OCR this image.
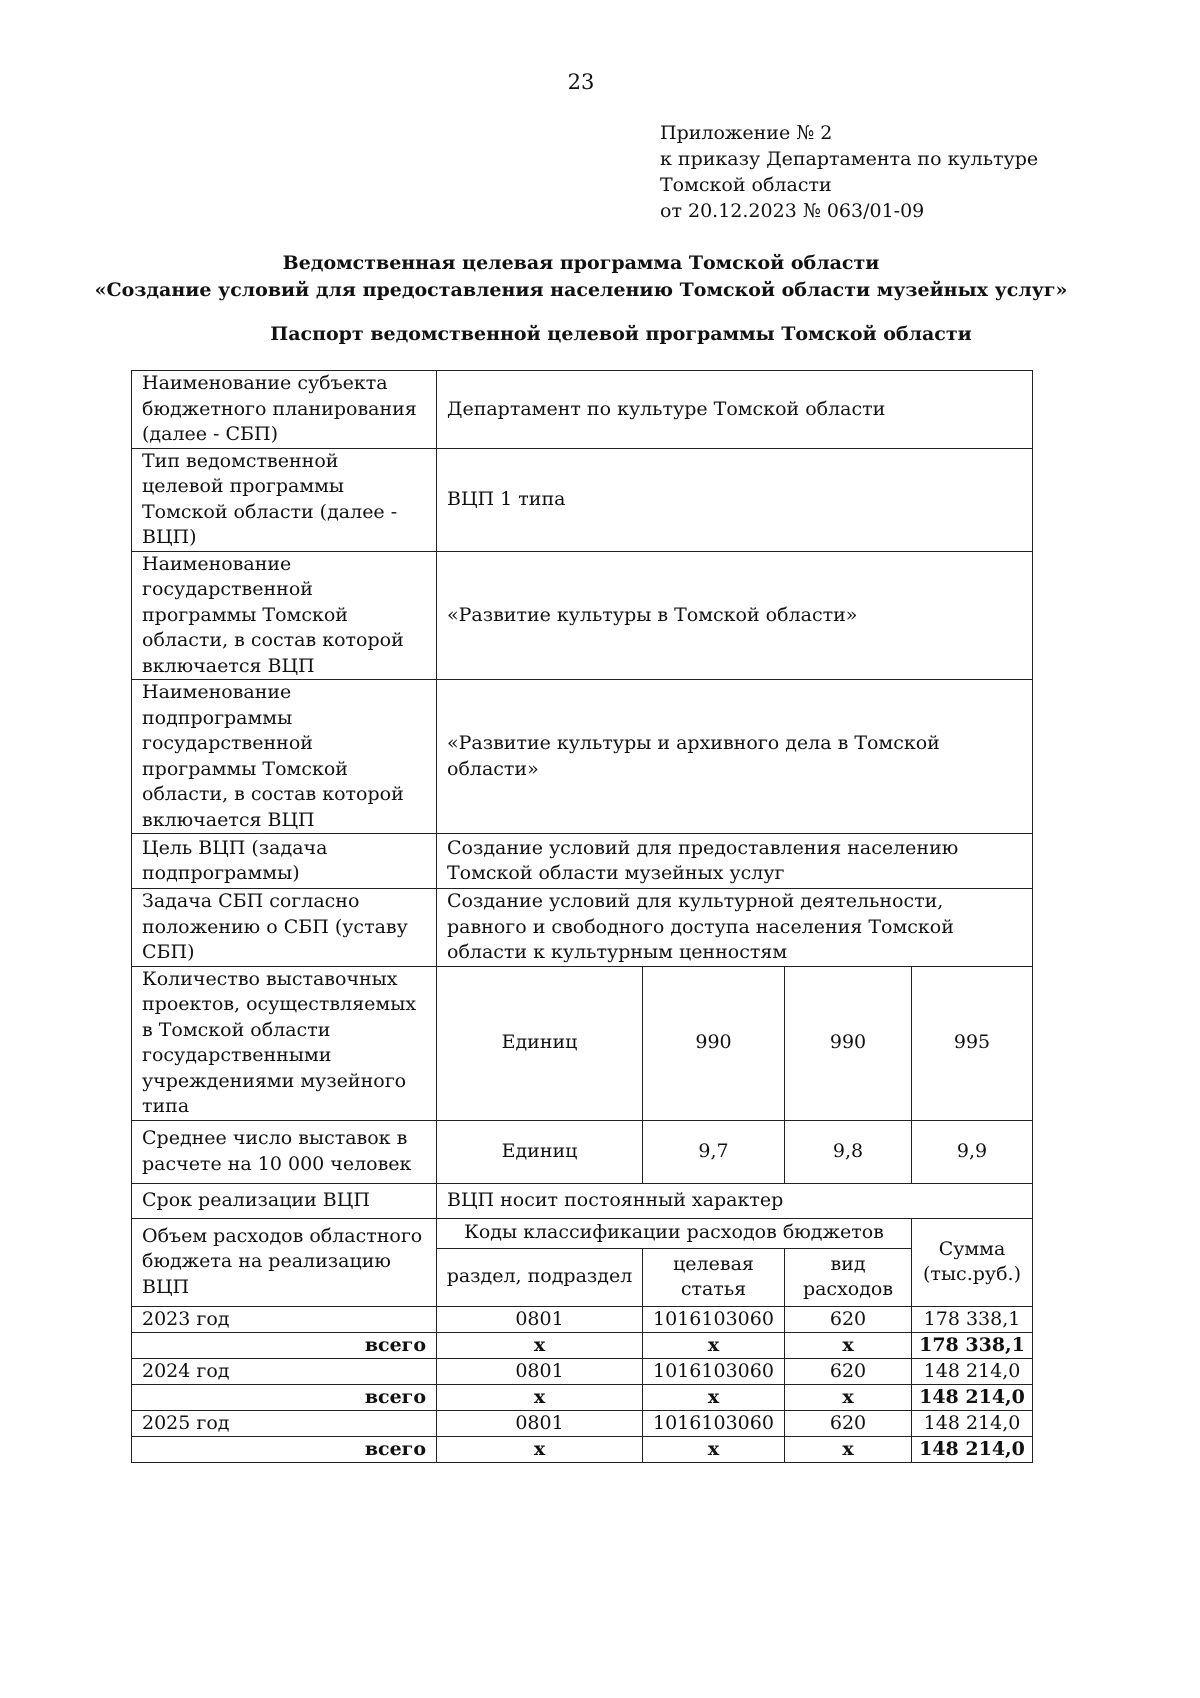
23
Приложение № 2
к приказу Департамента по культуре
Томской области
от 20.12.2023 № 063/01-09
Ведомственная целевая программа Томской области
«Создание условий для предоставления населению Томской области музейных услуг»
Паспорт ведомственной целевой программы Томской области
Наименование субъекта бюджетного планирования (далее - СБП)	Департамент по культуре Томской области			
Тип ведомственной целевой программы Томской области (далее - ВЦП)	ВЦП 1 типа			
Наименование государственной программы Томской области, в состав которой включается ВЦП	«Развитие культуры в Томской области»			
Наименование подпрограммы государственной программы Томской области, в состав которой включается ВЦП	«Развитие культуры и архивного дела в Томской области»			
Цель ВЦП (задача подпрограммы)	Создание условий для предоставления населению Томской области музейных услуг			
Задача СБП согласно положению о СБП (уставу СБП)	Создание условий для культурной деятельности, равного и свободного доступа населения Томской области к культурным ценностям			
Количество выставочных проектов, осуществляемых в Томской области государственными учреждениями музейного типа	Единиц	990	990	995
Среднее число выставок в расчете на 10 000 человек	Единиц	9,7	9,8	9,9
Срок реализации ВЦП	ВЦП носит постоянный характер			
Объем расходов областного бюджета на реализацию ВЦП	Коды классификации расходов бюджетов			Сумма (тыс.руб.)
	раздел, подраздел	целевая статья	вид расходов	
2023 год	0801	1016103060	620	178 338,1
всего	x	x	x	178 338,1
2024 год	0801	1016103060	620	148 214,0
всего	x	x	x	148 214,0
2025 год	0801	1016103060	620	148 214,0
всего	x	x	x	148 214,0
